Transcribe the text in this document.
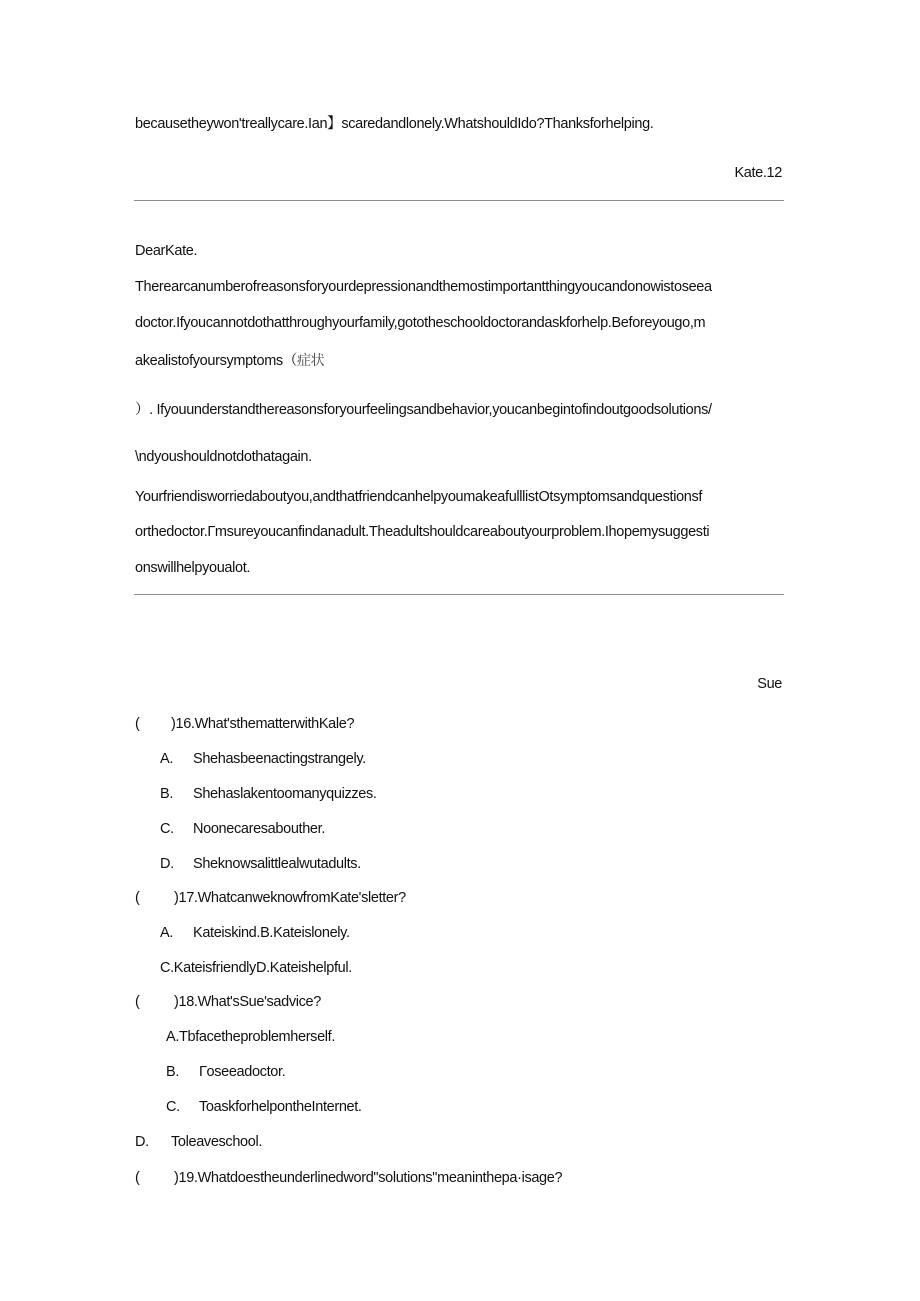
becausetheywon'treallycare.Ian】scaredandlonely.WhatshouldIdo?Thanksforhelping.
Kate.12
DearKate.
Therearcanumberofreasonsforyourdepressionandthemostimportantthingyoucandonowistoseea
doctor.Ifyoucannotdothatthroughyourfamily,gototheschooldoctorandaskforhelp.Beforeyougo,m
akealistofyoursymptoms（症状
）. Ifyouunderstandthereasonsforyourfeelingsandbehavior,youcanbegintofindoutgoodsolutions/
\ndyoushouldnotdothatagain.
Yourfriendisworriedaboutyou,andthatfriendcanhelpyoumakeafulllistOtsymptomsandquestionsf
orthedoctor.Гmsureyoucanfindanadult.Theadultshouldcareaboutyourproblem.Ihopemysuggesti
onswillhelpyoualot.
Sue
( )16.What'sthematterwithKale?
A. Shehasbeenactingstrangely.
B. Shehaslakentoomanyquizzes.
C. Noonecaresabouther.
D. Sheknowsalittlealwutadults.
( )17.WhatcanweknowfromKate'sletter?
A. Kateiskind.B.Kateislonely.
C.KateisfriendlyD.Kateishelpful.
( )18.What'sSue'sadvice?
A.Tbfacetheproblemherself.
B. Гoseeadoctor.
C. ToaskforhelpontheInternet.
D. Toleaveschool.
( )19.Whatdoestheunderlinedword"solutions"meaninthepa·isage?
